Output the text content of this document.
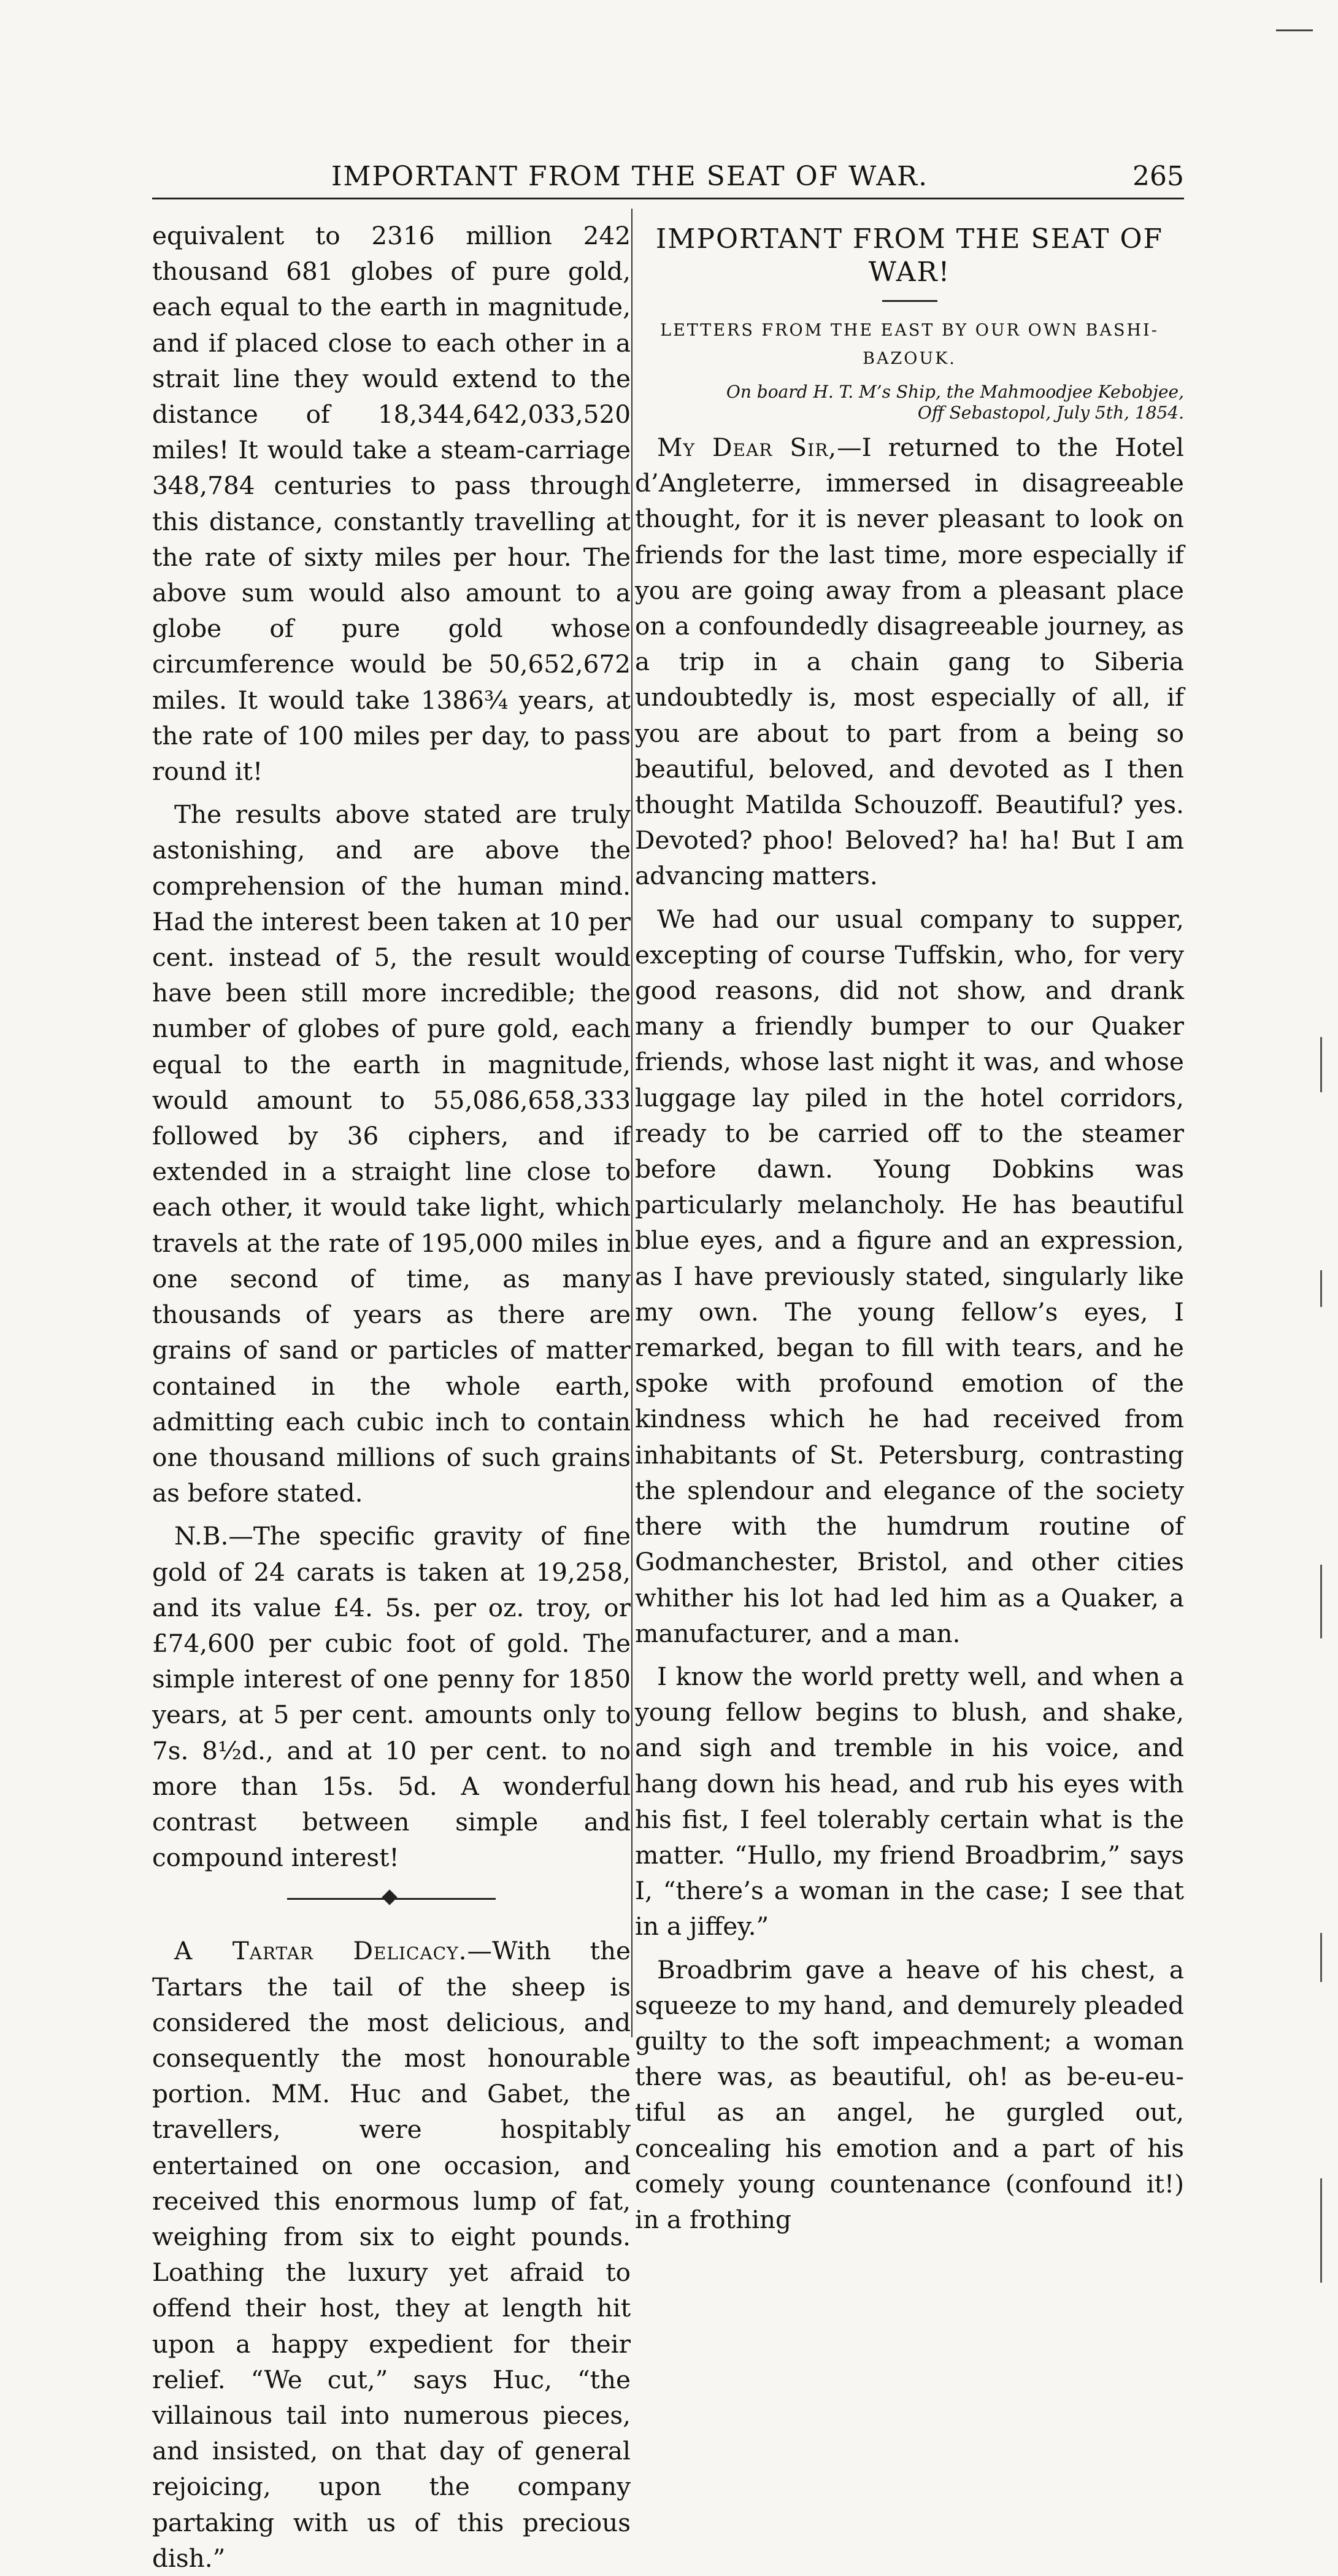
IMPORTANT FROM THE SEAT OF WAR.	265

equivalent to 2316 million 242 thousand 681 globes of pure gold, each equal to the earth in magnitude, and if placed close to each other in a strait line they would extend to the distance of 18,344,642,033,520 miles! It would take a steam-carriage 348,784 centuries to pass through this distance, constantly travelling at the rate of sixty miles per hour. The above sum would also amount to a globe of pure gold whose circumference would be 50,652,672 miles. It would take 1386¾ years, at the rate of 100 miles per day, to pass round it!

The results above stated are truly astonishing, and are above the comprehension of the human mind. Had the interest been taken at 10 per cent. instead of 5, the result would have been still more incredible; the number of globes of pure gold, each equal to the earth in magnitude, would amount to 55,086,658,333 followed by 36 ciphers, and if extended in a straight line close to each other, it would take light, which travels at the rate of 195,000 miles in one second of time, as many thousands of years as there are grains of sand or particles of matter contained in the whole earth, admitting each cubic inch to contain one thousand millions of such grains as before stated.

N.B.—The specific gravity of fine gold of 24 carats is taken at 19,258, and its value £4. 5s. per oz. troy, or £74,600 per cubic foot of gold. The simple interest of one penny for 1850 years, at 5 per cent. amounts only to 7s. 8½d., and at 10 per cent. to no more than 15s. 5d. A wonderful contrast between simple and compound interest!

A Tartar Delicacy.—With the Tartars the tail of the sheep is considered the most delicious, and consequently the most honourable portion. MM. Huc and Gabet, the travellers, were hospitably entertained on one occasion, and received this enormous lump of fat, weighing from six to eight pounds. Loathing the luxury yet afraid to offend their host, they at length hit upon a happy expedient for their relief. “We cut,” says Huc, “the villainous tail into numerous pieces, and insisted, on that day of general rejoicing, upon the company partaking with us of this precious dish.”

IMPORTANT FROM THE SEAT OF WAR!
LETTERS FROM THE EAST BY OUR OWN BASHI-BAZOUK.
On board H. T. M’s Ship, the Mahmoodjee Kebobjee,
Off Sebastopol, July 5th, 1854.

My Dear Sir,—I returned to the Hotel d’Angleterre, immersed in disagreeable thought, for it is never pleasant to look on friends for the last time, more especially if you are going away from a pleasant place on a confoundedly disagreeable journey, as a trip in a chain gang to Siberia undoubtedly is, most especially of all, if you are about to part from a being so beautiful, beloved, and devoted as I then thought Matilda Schouzoff. Beautiful? yes. Devoted? phoo! Beloved? ha! ha! But I am advancing matters.

We had our usual company to supper, excepting of course Tuffskin, who, for very good reasons, did not show, and drank many a friendly bumper to our Quaker friends, whose last night it was, and whose luggage lay piled in the hotel corridors, ready to be carried off to the steamer before dawn. Young Dobkins was particularly melancholy. He has beautiful blue eyes, and a figure and an expression, as I have previously stated, singularly like my own. The young fellow’s eyes, I remarked, began to fill with tears, and he spoke with profound emotion of the kindness which he had received from inhabitants of St. Petersburg, contrasting the splendour and elegance of the society there with the humdrum routine of Godmanchester, Bristol, and other cities whither his lot had led him as a Quaker, a manufacturer, and a man.

I know the world pretty well, and when a young fellow begins to blush, and shake, and sigh and tremble in his voice, and hang down his head, and rub his eyes with his fist, I feel tolerably certain what is the matter. “Hullo, my friend Broadbrim,” says I, “there’s a woman in the case; I see that in a jiffey.”

Broadbrim gave a heave of his chest, a squeeze to my hand, and demurely pleaded guilty to the soft impeachment; a woman there was, as beautiful, oh! as be-eu-eu-tiful as an angel, he gurgled out, concealing his emotion and a part of his comely young countenance (confound it!) in a frothing
